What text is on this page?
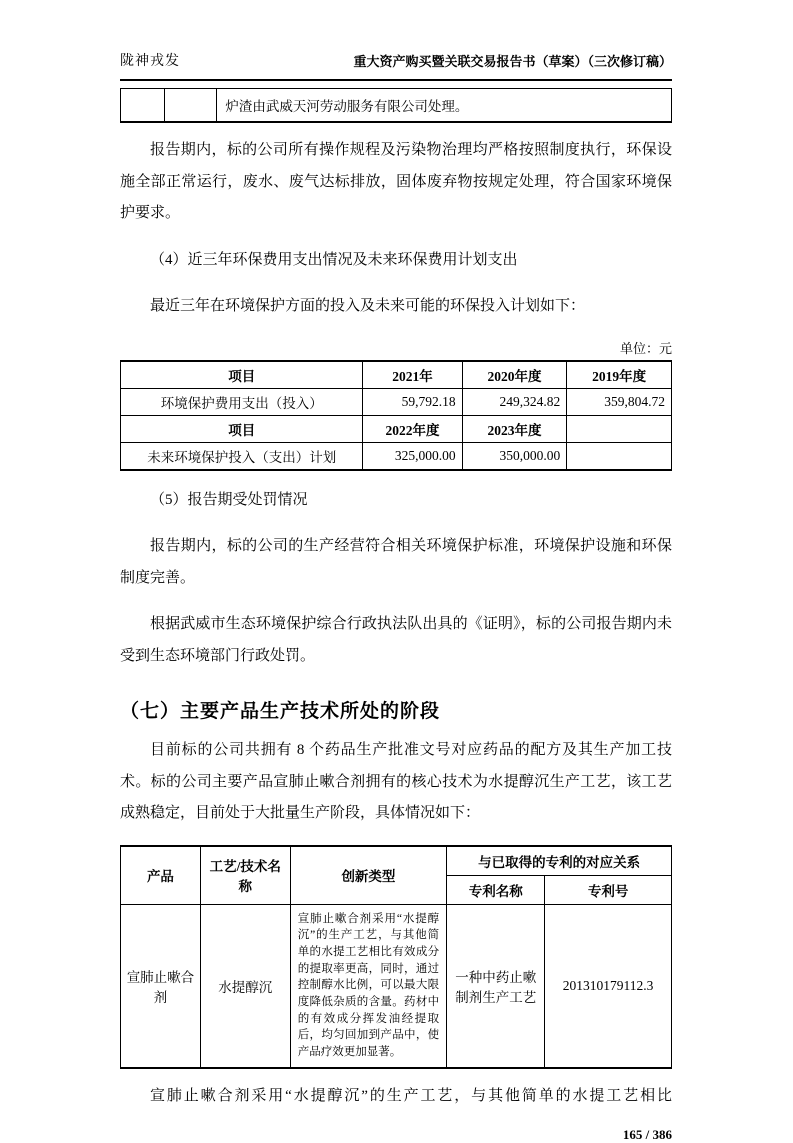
陇神戎发	重大资产购买暨关联交易报告书（草案）（三次修订稿）
		炉渣由武威天河劳动服务有限公司处理。

报告期内，标的公司所有操作规程及污染物治理均严格按照制度执行，环保设施全部正常运行，废水、废气达标排放，固体废弃物按规定处理，符合国家环境保护要求。

（4）近三年环保费用支出情况及未来环保费用计划支出

最近三年在环境保护方面的投入及未来可能的环保投入计划如下：

单位：元
项目	2021年	2020年度	2019年度
环境保护费用支出（投入）	59,792.18	249,324.82	359,804.72
项目	2022年度	2023年度	
未来环境保护投入（支出）计划	325,000.00	350,000.00	

（5）报告期受处罚情况

报告期内，标的公司的生产经营符合相关环境保护标准，环境保护设施和环保制度完善。

根据武威市生态环境保护综合行政执法队出具的《证明》，标的公司报告期内未受到生态环境部门行政处罚。

（七）主要产品生产技术所处的阶段

目前标的公司共拥有 8 个药品生产批准文号对应药品的配方及其生产加工技术。标的公司主要产品宣肺止嗽合剂拥有的核心技术为水提醇沉生产工艺，该工艺成熟稳定，目前处于大批量生产阶段，具体情况如下：

产品	工艺/技术名称	创新类型	与已取得的专利的对应关系	
			专利名称	专利号
宣肺止嗽合剂	水提醇沉	宣肺止嗽合剂采用“水提醇沉”的生产工艺，与其他简单的水提工艺相比有效成分的提取率更高，同时，通过控制醇水比例，可以最大限度降低杂质的含量。药材中的有效成分挥发油经提取后，均匀回加到产品中，使产品疗效更加显著。	一种中药止嗽制剂生产工艺	201310179112.3

宣肺止嗽合剂采用“水提醇沉”的生产工艺，与其他简单的水提工艺相比

165 / 386
